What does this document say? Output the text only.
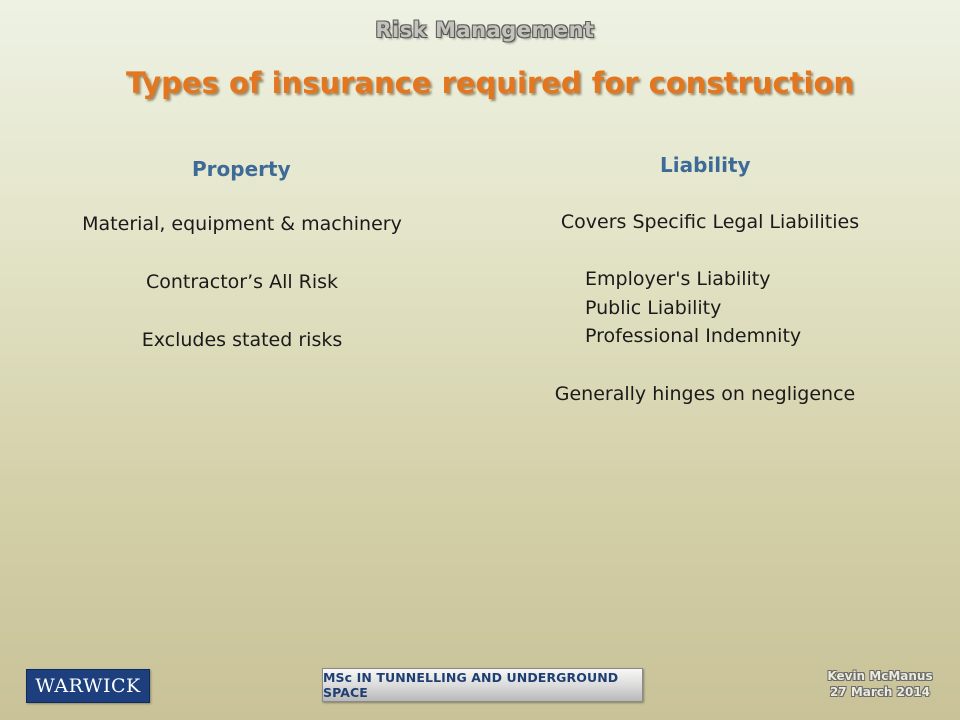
Risk Management
Types of insurance required for construction
Property
Material, equipment & machinery
Contractor’s All Risk
Excludes stated risks
Liability
Covers Specific Legal Liabilities
Employer's Liability
Public Liability
Professional Indemnity
Generally hinges on negligence
WARWICK	MSc IN TUNNELLING AND UNDERGROUND SPACE
Kevin McManus
27 March 2014
